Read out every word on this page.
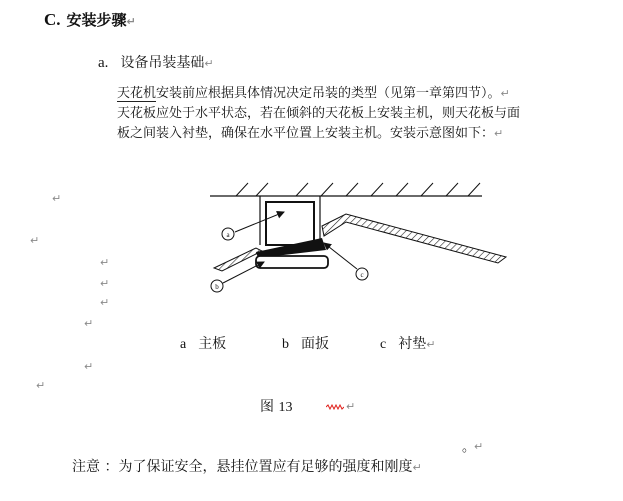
C. 安装步骤↵
a. 设备吊装基础↵
天花机安装前应根据具体情况决定吊装的类型（见第一章第四节）。↵
天花板应处于水平状态，若在倾斜的天花板上安装主机，则天花板与面
板之间装入衬垫，确保在水平位置上安装主机。安装示意图如下：↵
↵
↵
↵
↵
↵
↵
↵
↵
a
b
c
a 主板	b 面扳	c 衬垫↵
图 13	↵
。
↵
注意 ：为了保证安全，悬挂位置应有足够的强度和刚度↵
